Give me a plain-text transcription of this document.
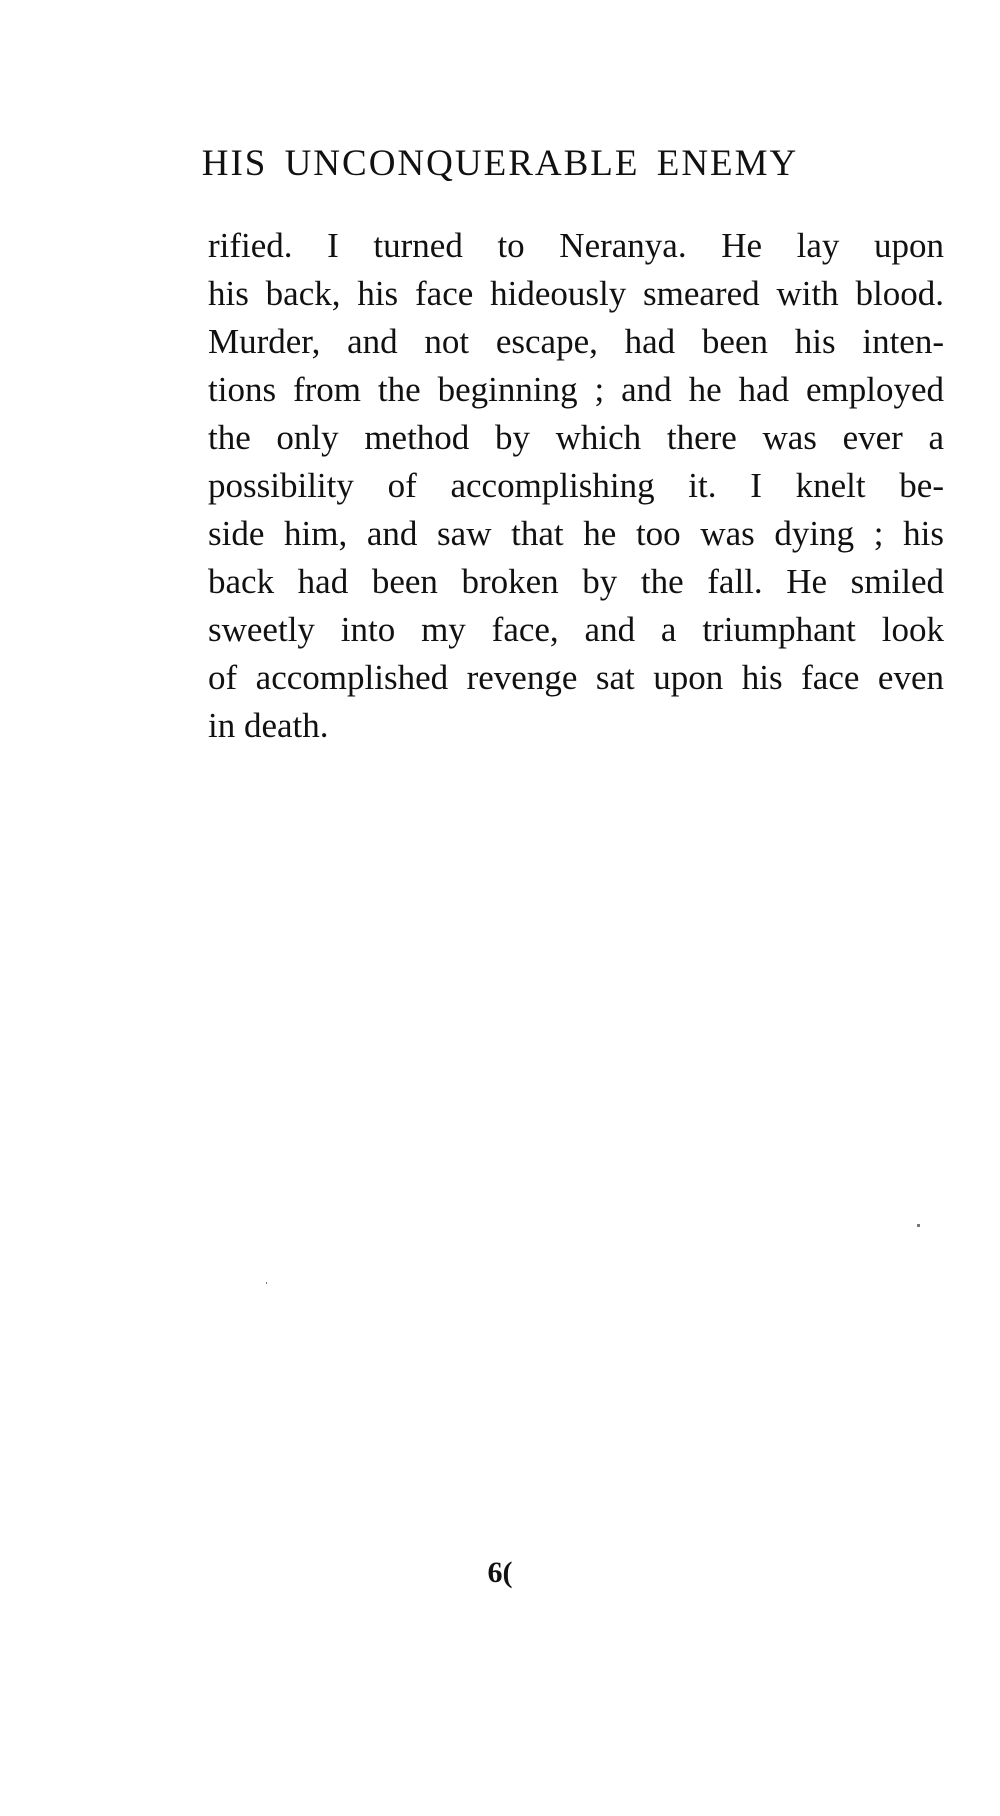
HIS UNCONQUERABLE ENEMY
rified. I turned to Neranya. He lay upon
his back, his face hideously smeared with blood.
Murder, and not escape, had been his inten-
tions from the beginning ; and he had employed
the only method by which there was ever a
possibility of accomplishing it. I knelt be-
side him, and saw that he too was dying ; his
back had been broken by the fall. He smiled
sweetly into my face, and a triumphant look
of accomplished revenge sat upon his face even
in death.
6(
